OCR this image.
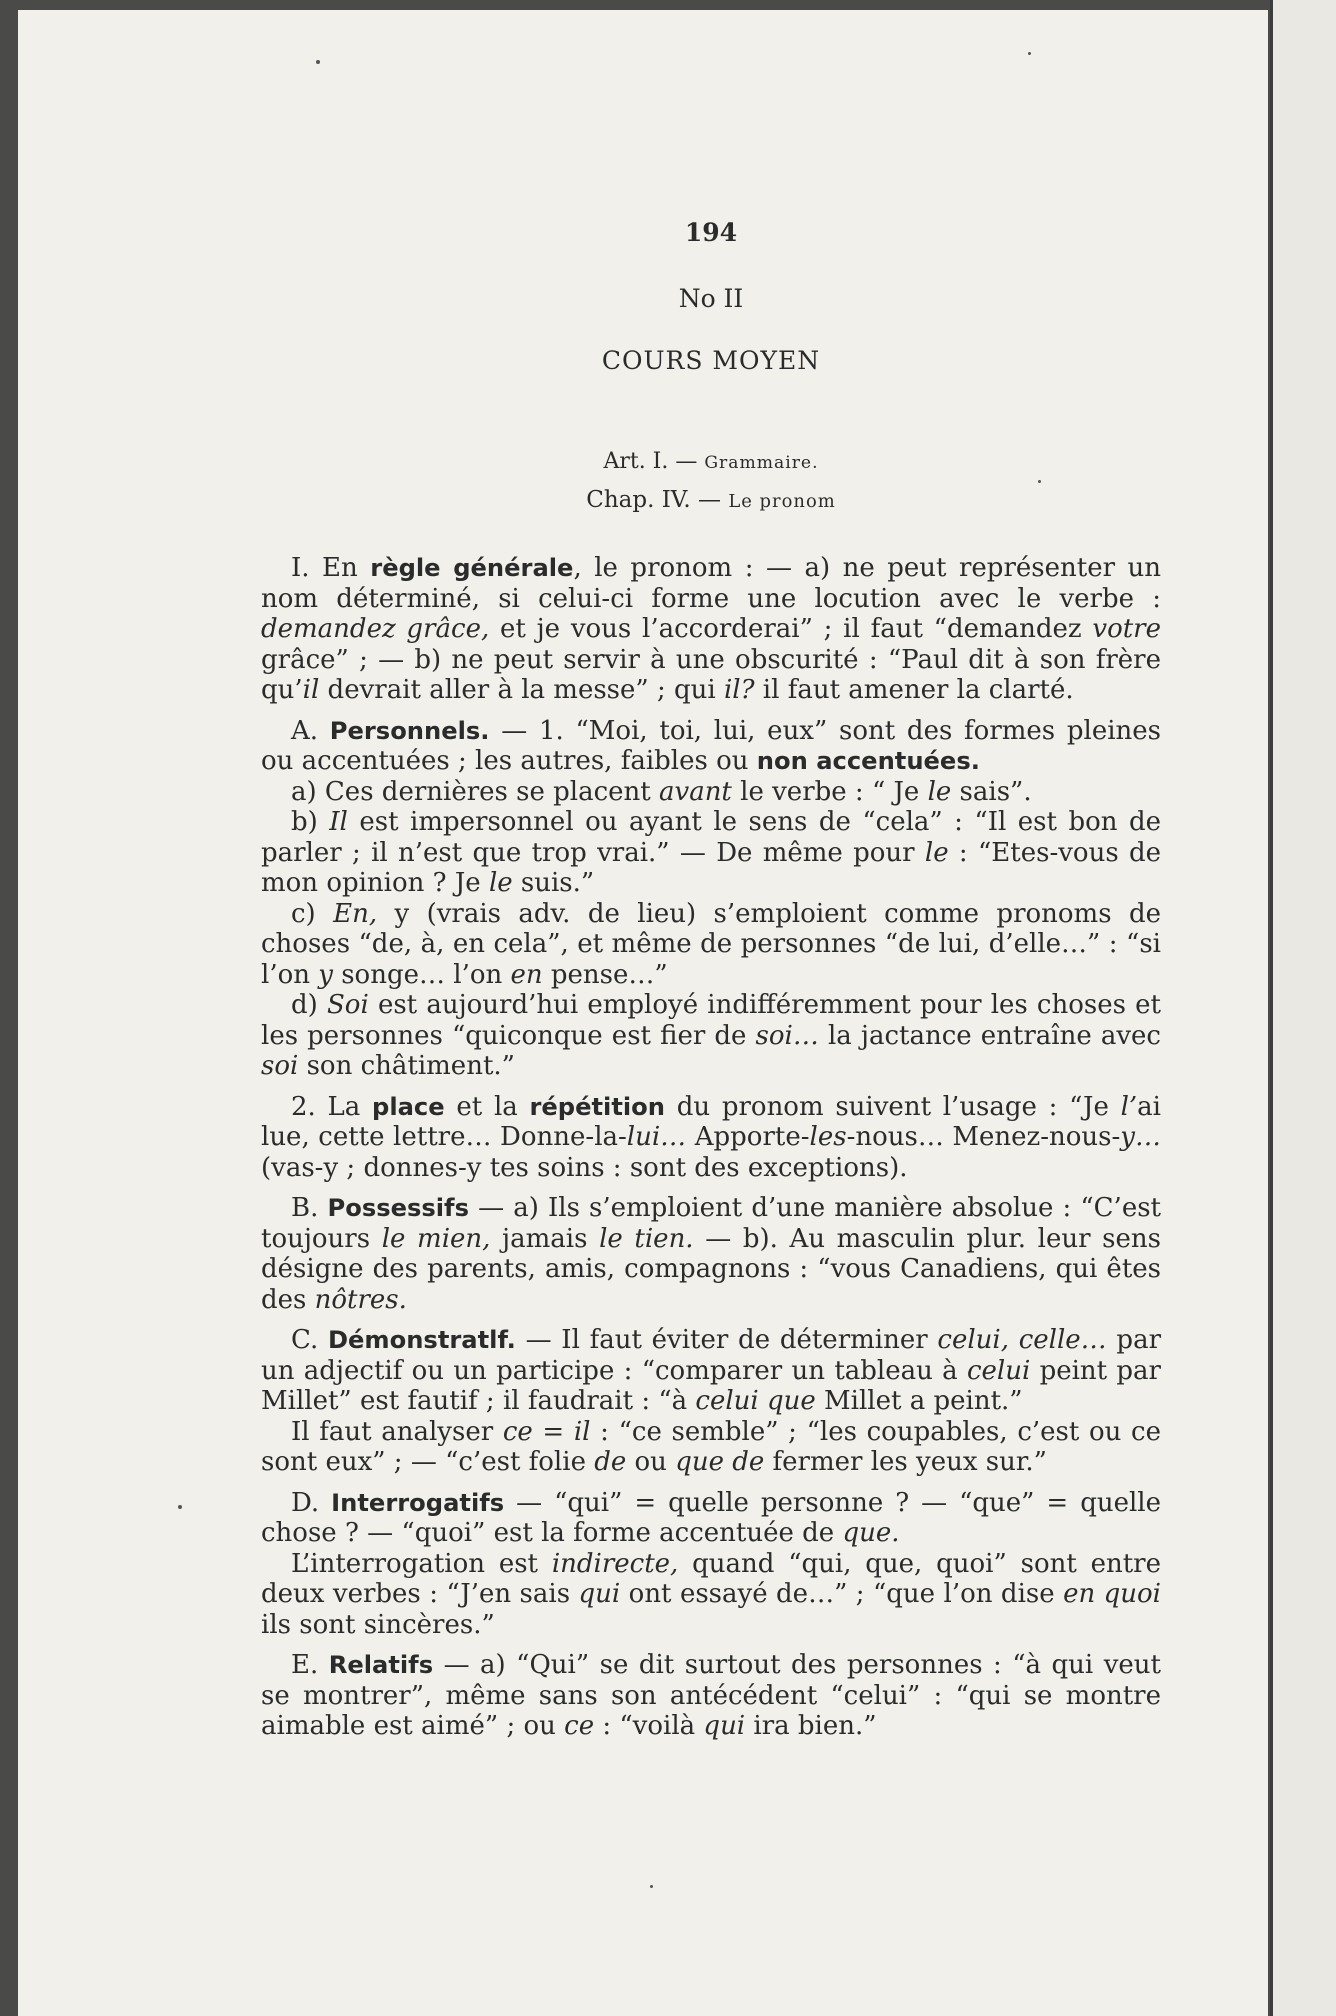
194
No II
COURS MOYEN
Art. I. — Grammaire.
Chap. IV. — Le pronom

I. En règle générale, le pronom : — a) ne peut représenter un nom déterminé, si celui-ci forme une locution avec le verbe : demandez grâce, et je vous l’accorderai” ; il faut “demandez votre grâce” ; — b) ne peut servir à une obscurité : “Paul dit à son frère qu’il devrait aller à la messe” ; qui il? il faut amener la clarté.

A. Personnels. — 1. “Moi, toi, lui, eux” sont des formes pleines ou accentuées ; les autres, faibles ou non accentuées.

a) Ces dernières se placent avant le verbe : “ Je le sais”.

b) Il est impersonnel ou ayant le sens de “cela” : “Il est bon de parler ; il n’est que trop vrai.” — De même pour le : “Etes-vous de mon opinion ? Je le suis.”

c) En, y (vrais adv. de lieu) s’emploient comme pronoms de choses “de, à, en cela”, et même de personnes “de lui, d’elle…” : “si l’on y songe… l’on en pense…”

d) Soi est aujourd’hui employé indifféremment pour les choses et les personnes “quiconque est fier de soi… la jactance entraîne avec soi son châtiment.”

2. La place et la répétition du pronom suivent l’usage : “Je l’ai lue, cette lettre… Donne-la-lui… Apporte-les-nous… Menez-nous-y… (vas-y ; donnes-y tes soins : sont des exceptions).

B. Possessifs — a) Ils s’emploient d’une manière absolue : “C’est toujours le mien, jamais le tien. — b). Au masculin plur. leur sens désigne des parents, amis, compagnons : “vous Canadiens, qui êtes des nôtres.

C. Démonstratlf. — Il faut éviter de déterminer celui, celle… par un adjectif ou un participe : “comparer un tableau à celui peint par Millet” est fautif ; il faudrait : “à celui que Millet a peint.”

Il faut analyser ce = il : “ce semble” ; “les coupables, c’est ou ce sont eux” ; — “c’est folie de ou que de fermer les yeux sur.”

D. Interrogatifs — “qui” = quelle personne ? — “que” = quelle chose ? — “quoi” est la forme accentuée de que.

L’interrogation est indirecte, quand “qui, que, quoi” sont entre deux verbes : “J’en sais qui ont essayé de…” ; “que l’on dise en quoi ils sont sincères.”

E. Relatifs — a) “Qui” se dit surtout des personnes : “à qui veut se montrer”, même sans son antécédent “celui” : “qui se montre aimable est aimé” ; ou ce : “voilà qui ira bien.”
